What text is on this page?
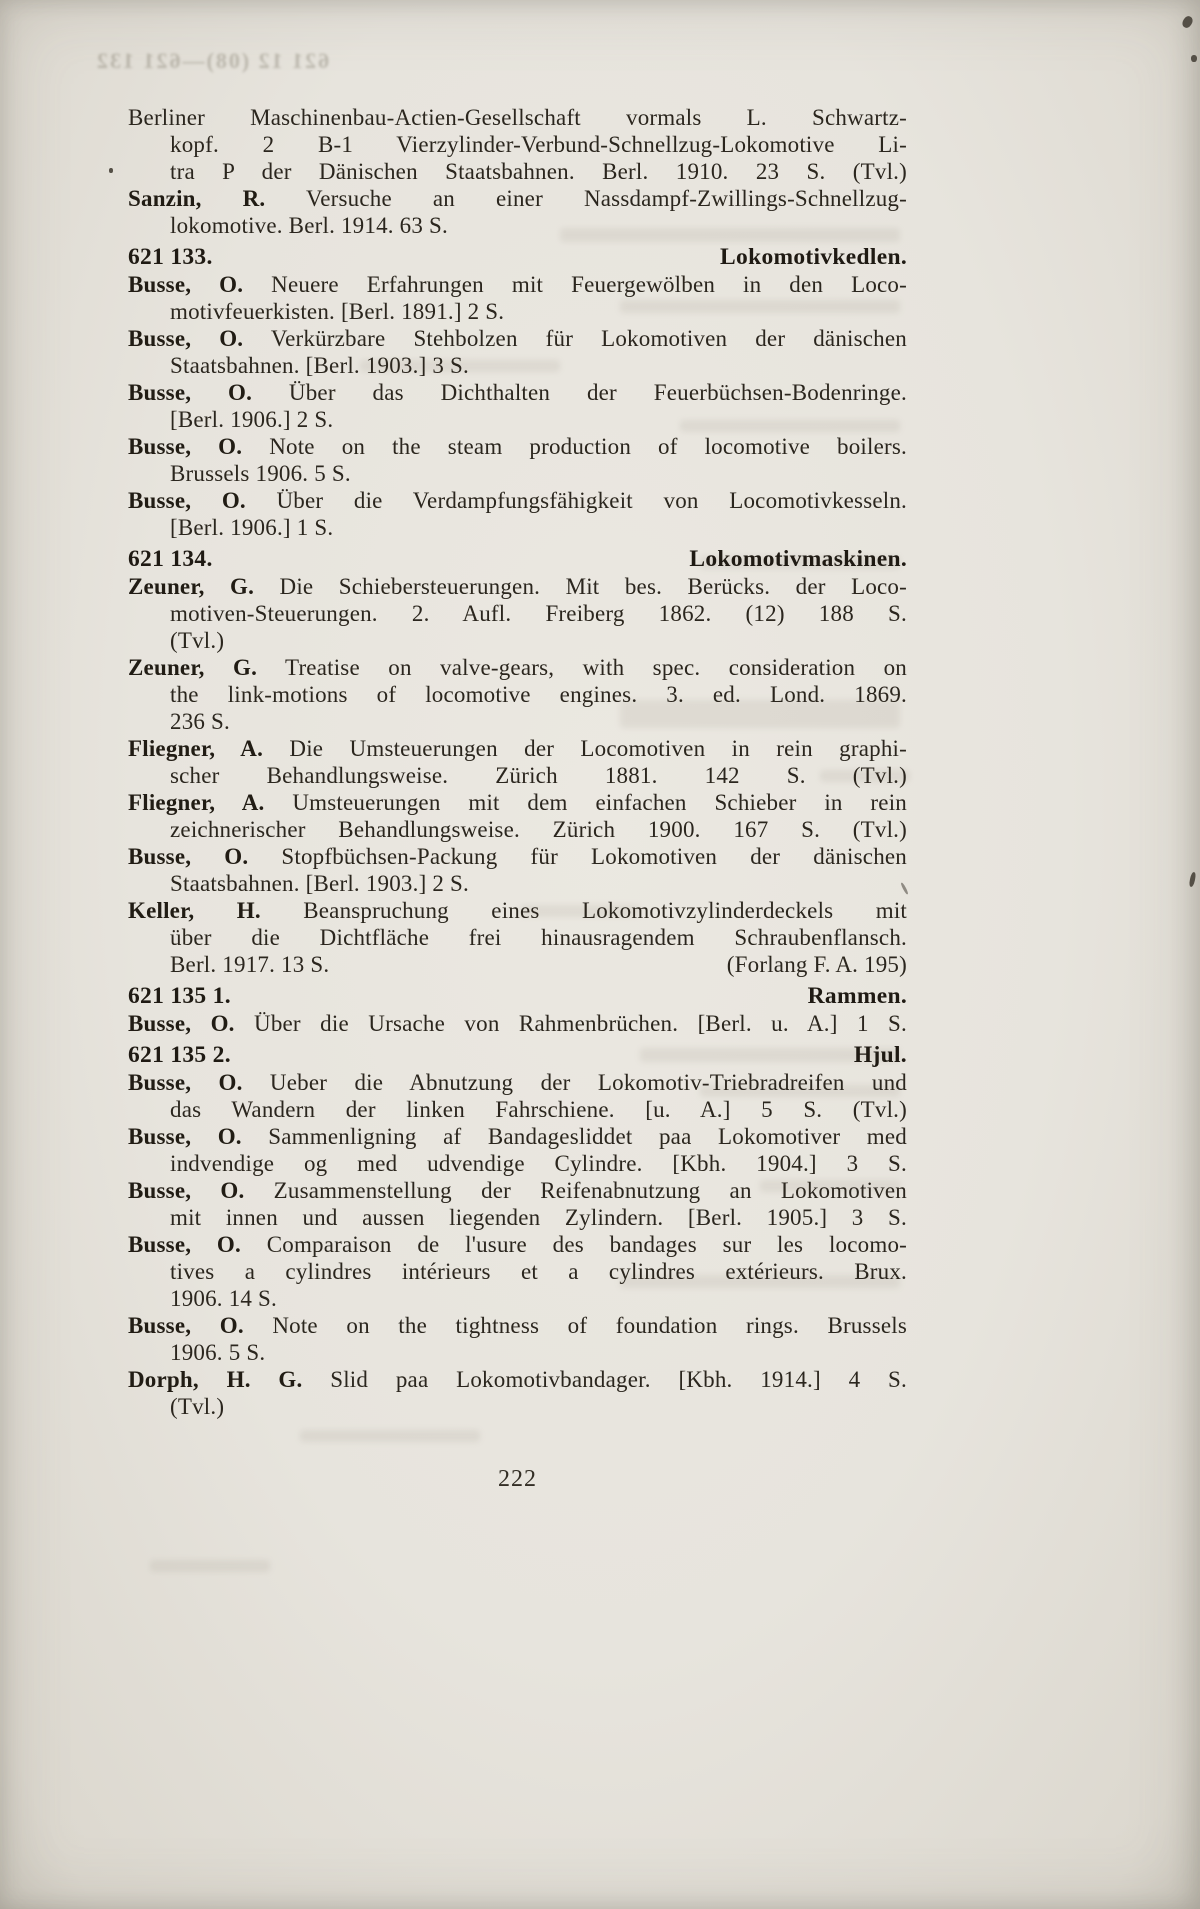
621 12 (08)—621 132
Berliner Maschinenbau-Actien-Gesellschaft vormals L. Schwartz-
kopf. 2 B-1 Vierzylinder-Verbund-Schnellzug-Lokomotive Li-
tra P der Dänischen Staatsbahnen. Berl. 1910. 23 S. (Tvl.)
Sanzin, R. Versuche an einer Nassdampf-Zwillings-Schnellzug-
lokomotive. Berl. 1914. 63 S.
621 133.	Lokomotivkedlen.
Busse, O. Neuere Erfahrungen mit Feuergewölben in den Loco-
motivfeuerkisten. [Berl. 1891.] 2 S.
Busse, O. Verkürzbare Stehbolzen für Lokomotiven der dänischen
Staatsbahnen. [Berl. 1903.] 3 S.
Busse, O. Über das Dichthalten der Feuerbüchsen-Bodenringe.
[Berl. 1906.] 2 S.
Busse, O. Note on the steam production of locomotive boilers.
Brussels 1906. 5 S.
Busse, O. Über die Verdampfungsfähigkeit von Locomotivkesseln.
[Berl. 1906.] 1 S.
621 134.	Lokomotivmaskinen.
Zeuner, G. Die Schiebersteuerungen. Mit bes. Berücks. der Loco-
motiven-Steuerungen. 2. Aufl. Freiberg 1862. (12) 188 S.
(Tvl.)
Zeuner, G. Treatise on valve-gears, with spec. consideration on
the link-motions of locomotive engines. 3. ed. Lond. 1869.
236 S.
Fliegner, A. Die Umsteuerungen der Locomotiven in rein graphi-
scher Behandlungsweise. Zürich 1881. 142 S. (Tvl.)
Fliegner, A. Umsteuerungen mit dem einfachen Schieber in rein
zeichnerischer Behandlungsweise. Zürich 1900. 167 S. (Tvl.)
Busse, O. Stopfbüchsen-Packung für Lokomotiven der dänischen
Staatsbahnen. [Berl. 1903.] 2 S.
Keller, H. Beanspruchung eines Lokomotivzylinderdeckels mit
über die Dichtfläche frei hinausragendem Schraubenflansch.
Berl. 1917. 13 S.	(Forlang F. A. 195)
621 135 1.	Rammen.
Busse, O. Über die Ursache von Rahmenbrüchen. [Berl. u. A.] 1 S.
621 135 2.	Hjul.
Busse, O. Ueber die Abnutzung der Lokomotiv-Triebradreifen und
das Wandern der linken Fahrschiene. [u. A.] 5 S. (Tvl.)
Busse, O. Sammenligning af Bandagesliddet paa Lokomotiver med
indvendige og med udvendige Cylindre. [Kbh. 1904.] 3 S.
Busse, O. Zusammenstellung der Reifenabnutzung an Lokomotiven
mit innen und aussen liegenden Zylindern. [Berl. 1905.] 3 S.
Busse, O. Comparaison de l'usure des bandages sur les locomo-
tives a cylindres intérieurs et a cylindres extérieurs. Brux.
1906. 14 S.
Busse, O. Note on the tightness of foundation rings. Brussels
1906. 5 S.
Dorph, H. G. Slid paa Lokomotivbandager. [Kbh. 1914.] 4 S.
(Tvl.)
222
